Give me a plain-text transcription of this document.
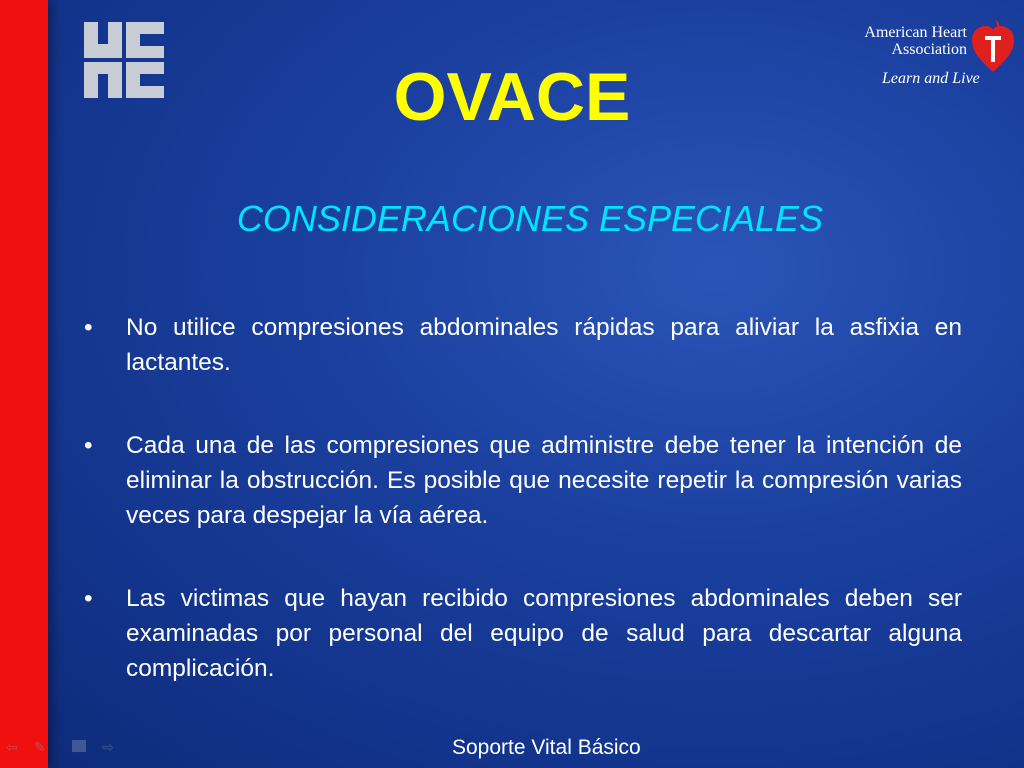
American Heart
Association
Learn and Live
OVACE
CONSIDERACIONES ESPECIALES
• No utilice compresiones abdominales rápidas para aliviar la asfixia en lactantes.
• Cada una de las compresiones que administre debe tener la intención de eliminar la obstrucción. Es posible que necesite repetir la compresión varias veces para despejar la vía aérea.
• Las victimas que hayan recibido compresiones abdominales deben ser examinadas por personal del equipo de salud para descartar alguna complicación.
⇦	✎	⇨	Soporte Vital Básico
